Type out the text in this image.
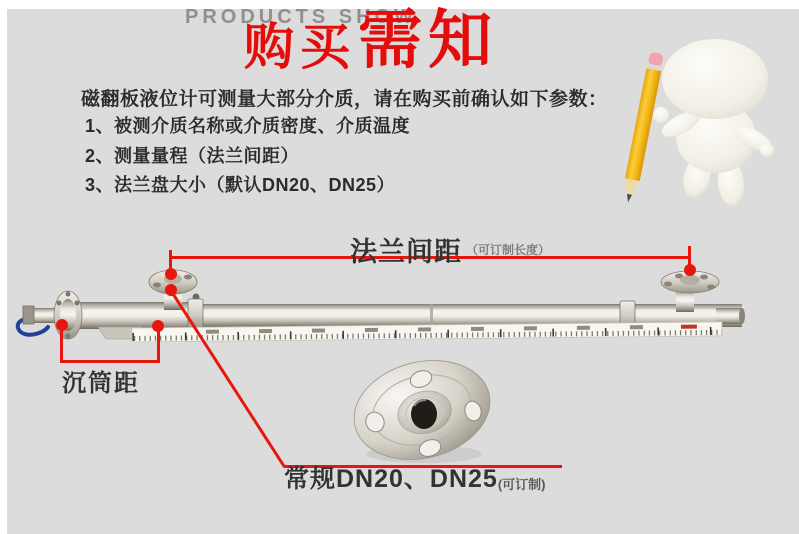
PRODUCTS SHOW
购买 需知
磁翻板液位计可测量大部分介质，请在购买前确认如下参数：
1、被测介质名称或介质密度、介质温度
2、测量量程（法兰间距）
3、法兰盘大小（默认DN20、DN25）
法兰间距 （可订制长度）
沉筒距
常规DN20、DN25 (可订制)
